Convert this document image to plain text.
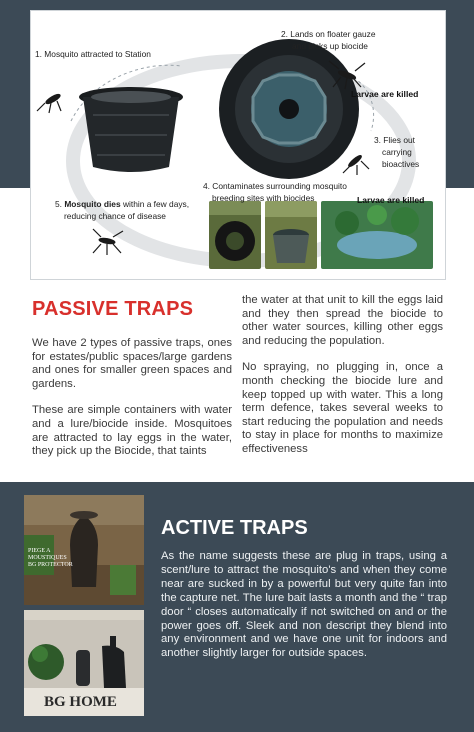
1. Mosquito attracted to Station
2. Lands on floater gauze
and picks up biocide
Larvae are killed
3. Flies out
carrying
bioactives
4. Contaminates surrounding mosquito
breeding sites with biocides	Larvae are killed
5. Mosquito dies within a few days,
reducing chance of disease
PASSIVE TRAPS

We have 2 types of passive traps, ones for estates/public spaces/large gardens and ones for smaller green spaces and gardens.

These are simple containers with water and a lure/biocide inside. Mosquitoes are attracted to lay eggs in the water, they pick up the Biocide, that taints

the water at that unit to kill the eggs laid and they then spread the biocide to other water sources, killing other eggs and reducing the population.

No spraying, no plugging in, once a month checking the biocide lure and keep topped up with water. This a long term defence, takes several weeks to start reducing the population and needs to stay in place for months to maximize effectiveness

PIEGE A
MOUSTIQUES
BG PROTECTOR
BG HOME
ACTIVE TRAPS
As the name suggests these are plug in traps, using a scent/lure to attract the mosquito's and when they come near are sucked in by a powerful but very quite fan into the capture net. The lure bait lasts a month and the “ trap door “ closes automatically if not switched on and or the power goes off. Sleek and non descript they blend into any environment and we have one unit for indoors and another slightly larger for outside spaces.
